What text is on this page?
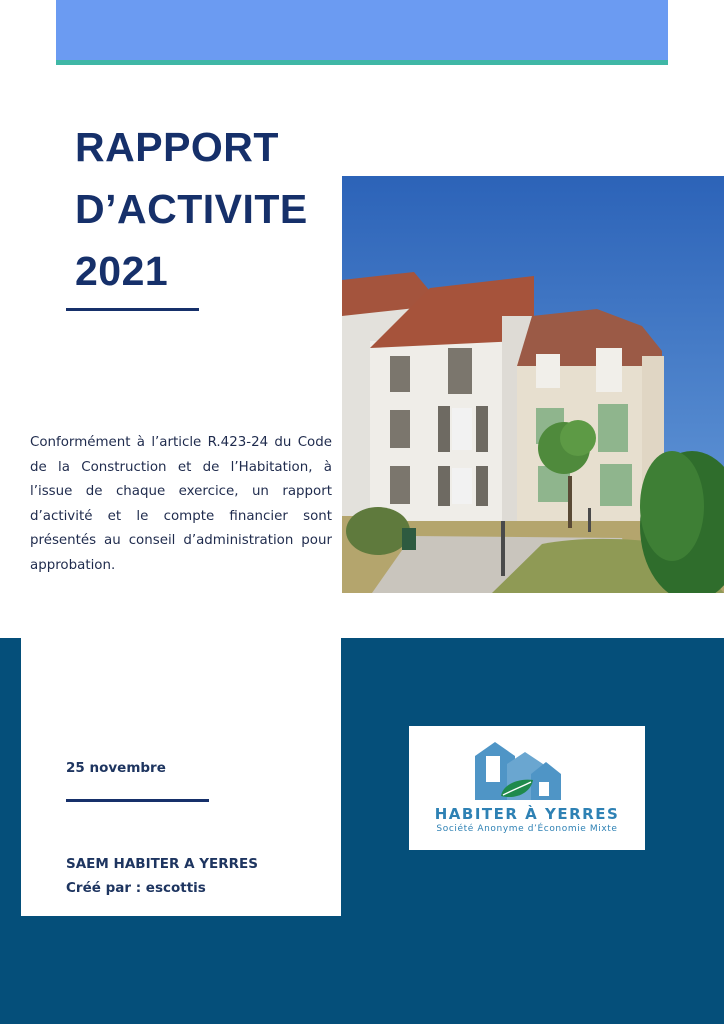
RAPPORT
D’ACTIVITE
2021

Conformément à l’article R.423-24 du Code de la Construction et de l’Habitation, à l’issue de chaque exercice, un rapport d’activité et le compte financier sont présentés au conseil d’administration pour approbation.

25 novembre
SAEM HABITER A YERRES
Créé par : escottis
HABITER À YERRES
Société Anonyme d’Économie Mixte
